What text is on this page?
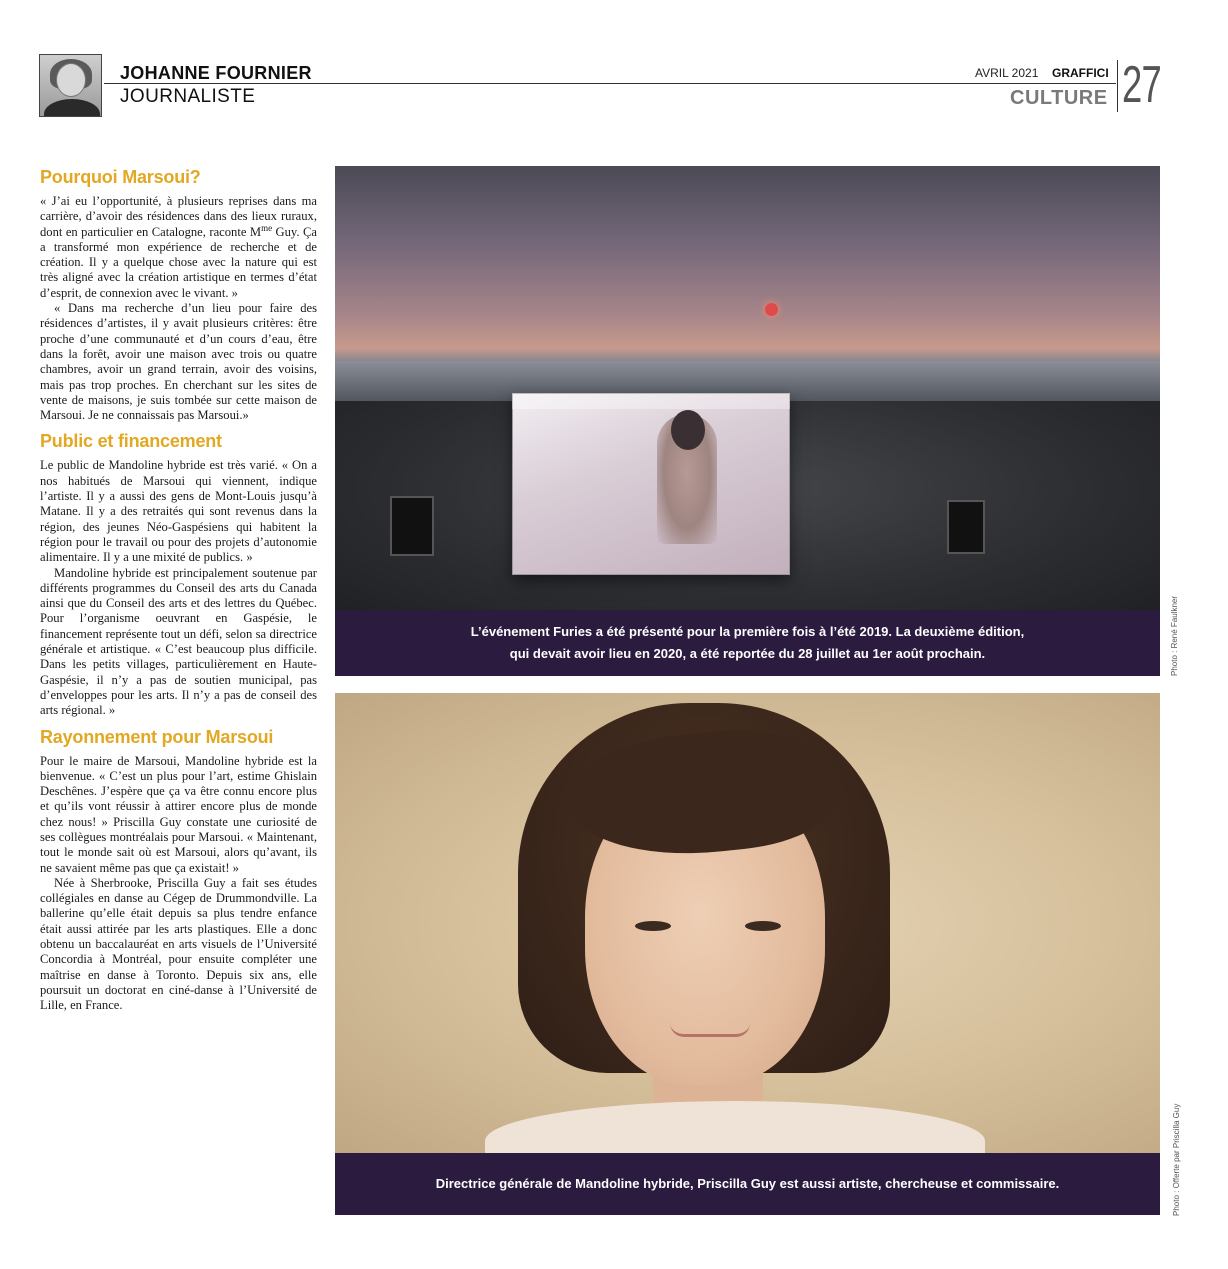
JOHANNE FOURNIER
JOURNALISTE
AVRIL 2021 GRAFFICI
CULTURE 27
Pourquoi Marsoui?

« J’ai eu l’opportunité, à plusieurs reprises dans ma carrière, d’avoir des résidences dans des lieux ruraux, dont en particulier en Catalogne, raconte $M^{me}$ Guy. Ça a transformé mon expérience de recherche et de création. Il y a quelque chose avec la nature qui est très aligné avec la création artistique en termes d’état d’esprit, de connexion avec le vivant. »

« Dans ma recherche d’un lieu pour faire des résidences d’artistes, il y avait plusieurs critères: être proche d’une communauté et d’un cours d’eau, être dans la forêt, avoir une maison avec trois ou quatre chambres, avoir un grand terrain, avoir des voisins, mais pas trop proches. En cherchant sur les sites de vente de maisons, je suis tombée sur cette maison de Marsoui. Je ne connaissais pas Marsoui.»

Public et financement

Le public de Mandoline hybride est très varié. « On a nos habitués de Marsoui qui viennent, indique l’artiste. Il y a aussi des gens de Mont-Louis jusqu’à Matane. Il y a des retraités qui sont revenus dans la région, des jeunes Néo-Gaspésiens qui habitent la région pour le travail ou pour des projets d’autonomie alimentaire. Il y a une mixité de publics. »

Mandoline hybride est principalement soutenue par différents programmes du Conseil des arts du Canada ainsi que du Conseil des arts et des lettres du Québec. Pour l’organisme oeuvrant en Gaspésie, le financement représente tout un défi, selon sa directrice générale et artistique. « C’est beaucoup plus difficile. Dans les petits villages, particulièrement en Haute-Gaspésie, il n’y a pas de soutien municipal, pas d’enveloppes pour les arts. Il n’y a pas de conseil des arts régional. »

Rayonnement pour Marsoui

Pour le maire de Marsoui, Mandoline hybride est la bienvenue. « C’est un plus pour l’art, estime Ghislain Deschênes. J’espère que ça va être connu encore plus et qu’ils vont réussir à attirer encore plus de monde chez nous! » Priscilla Guy constate une curiosité de ses collègues montréalais pour Marsoui. « Maintenant, tout le monde sait où est Marsoui, alors qu’avant, ils ne savaient même pas que ça existait! »

Née à Sherbrooke, Priscilla Guy a fait ses études collégiales en danse au Cégep de Drummondville. La ballerine qu’elle était depuis sa plus tendre enfance était aussi attirée par les arts plastiques. Elle a donc obtenu un baccalauréat en arts visuels de l’Université Concordia à Montréal, pour ensuite compléter une maîtrise en danse à Toronto. Depuis six ans, elle poursuit un doctorat en ciné-danse à l’Université de Lille, en France.

L’événement Furies a été présenté pour la première fois à l’été 2019. La deuxième édition,
qui devait avoir lieu en 2020, a été reportée du 28 juillet au 1er août prochain.	Photo : René Faulkner
Directrice générale de Mandoline hybride, Priscilla Guy est aussi artiste, chercheuse et commissaire.	Photo : Offerte par Priscilla Guy
